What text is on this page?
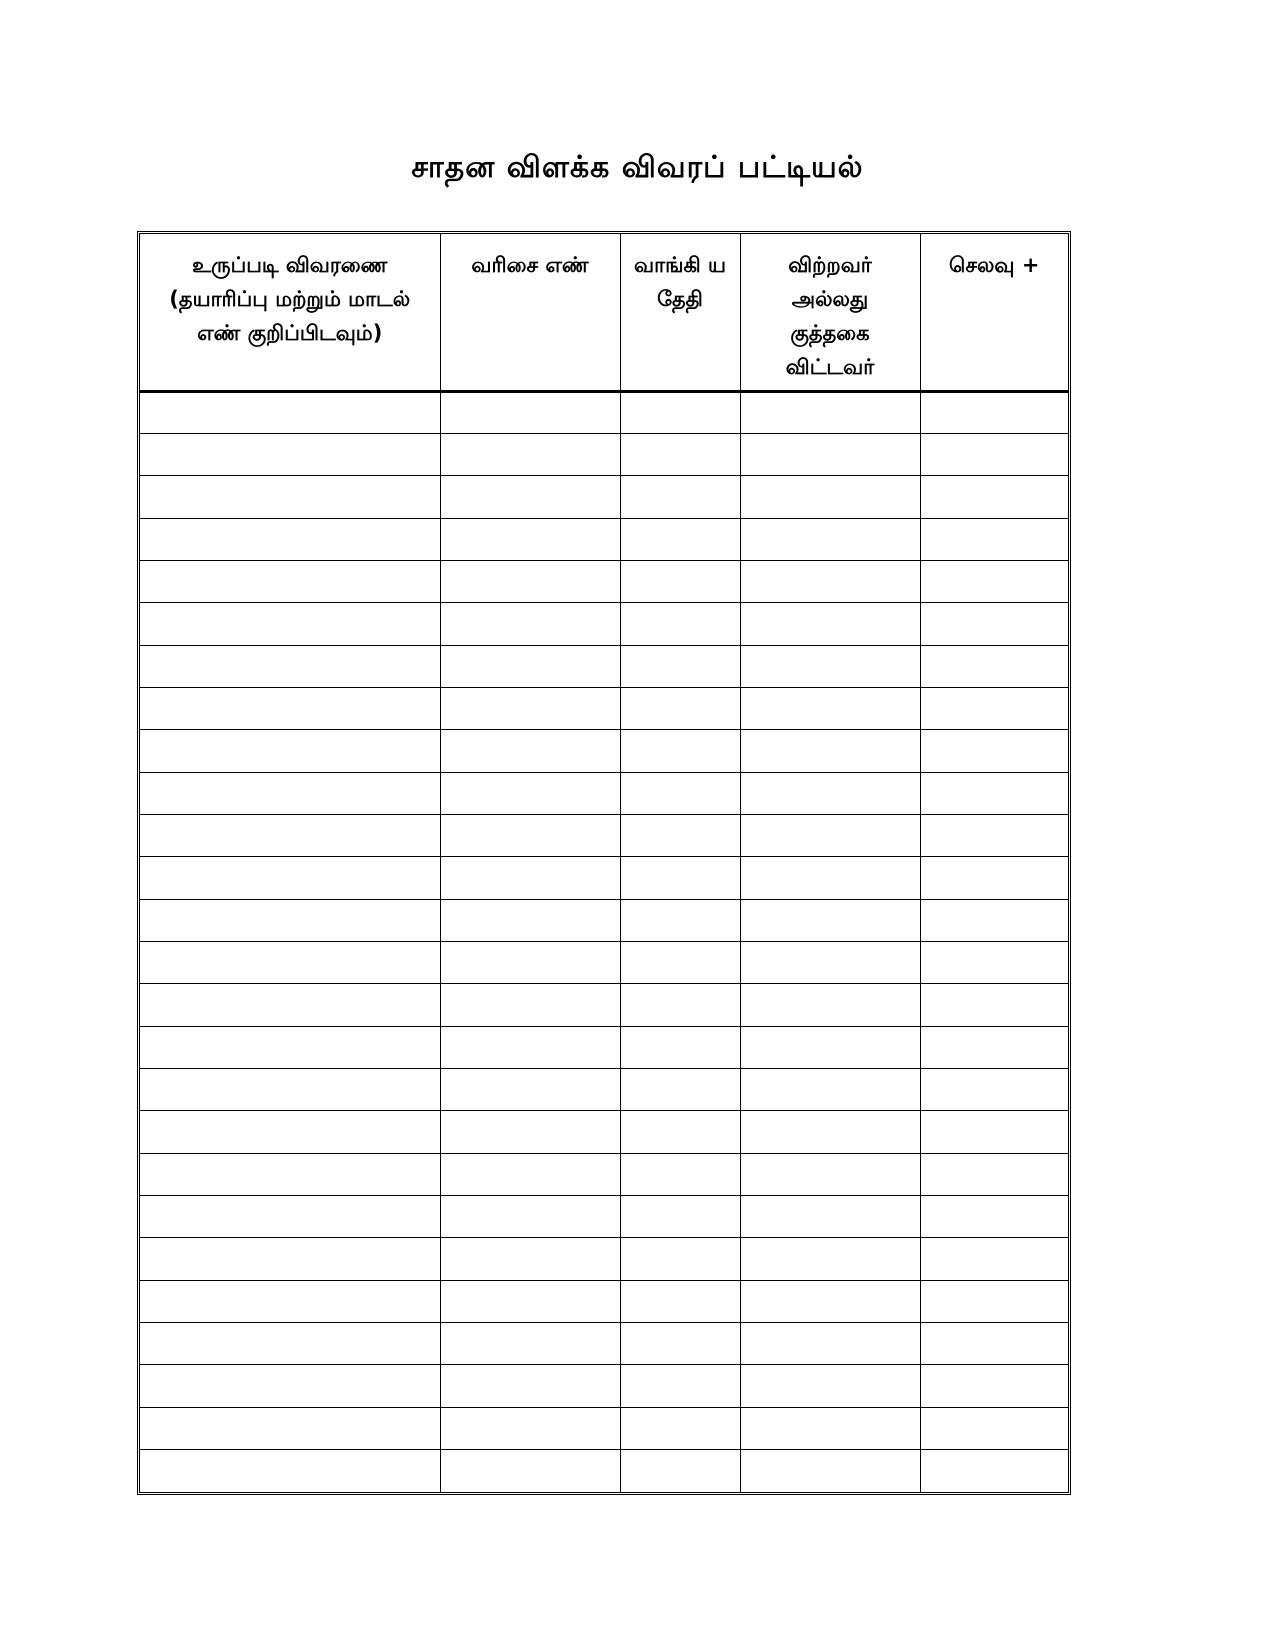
சாதன விளக்க விவரப் பட்டியல்
உருப்படி விவரணை (தயாரிப்பு மற்றும் மாடல் எண் குறிப்பிடவும்)	வரிசை எண்	வாங்கி ய தேதி	விற்றவர் அல்லது குத்தகை விட்டவர்	செலவு +
